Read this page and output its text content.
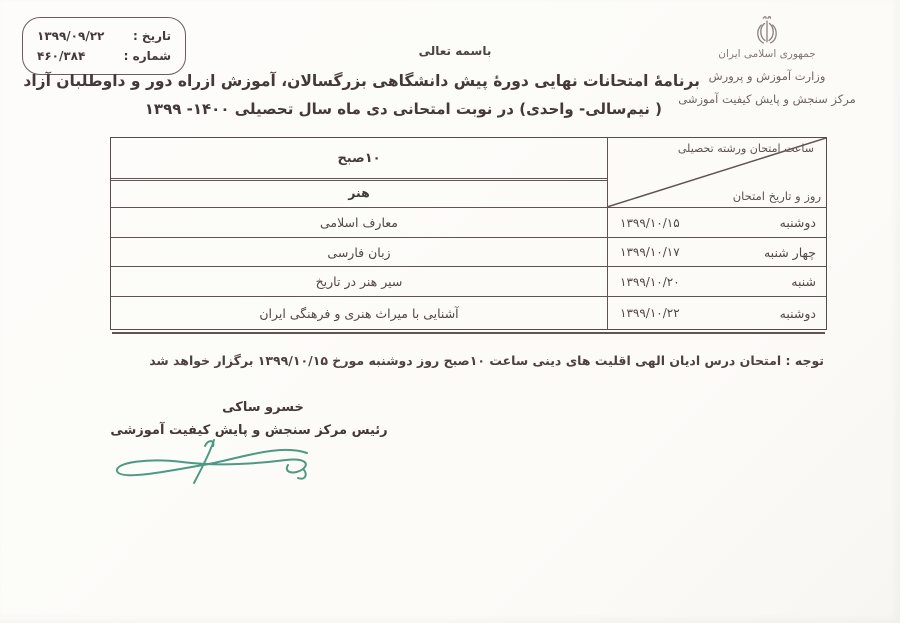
تاریخ :
۱۳۹۹/۰۹/۲۲
شماره :
۴۶۰/۳۸۴	باسمه تعالی	جمهوری اسلامی ایران
وزارت آموزش و پرورش
مرکز سنجش و پایش کیفیت آموزشی
برنامهٔ امتحانات نهایی دورهٔ پیش دانشگاهی بزرگسالان، آموزش ازراه دور و داوطلبان آزاد
( نیم‌سالی- واحدی) در نوبت امتحانی دی ماه سال تحصیلی ۱۴۰۰- ۱۳۹۹
ساعت امتحان ورشته تحصیلی
روز و تاریخ امتحان
۱۰صبح
هنر
دوشنبه
۱۳۹۹/۱۰/۱۵
معارف اسلامی
چهار شنبه
۱۳۹۹/۱۰/۱۷
زبان فارسی
شنبه
۱۳۹۹/۱۰/۲۰
سیر هنر در تاریخ
دوشنبه
۱۳۹۹/۱۰/۲۲
آشنایی با میراث هنری و فرهنگی ایران
توجه : امتحان درس ادیان الهی اقلیت های دینی ساعت ۱۰صبح روز دوشنبه مورخ ۱۳۹۹/۱۰/۱۵ برگزار خواهد شد
خسرو ساکی
رئیس مرکز سنجش و پایش کیفیت آموزشی
